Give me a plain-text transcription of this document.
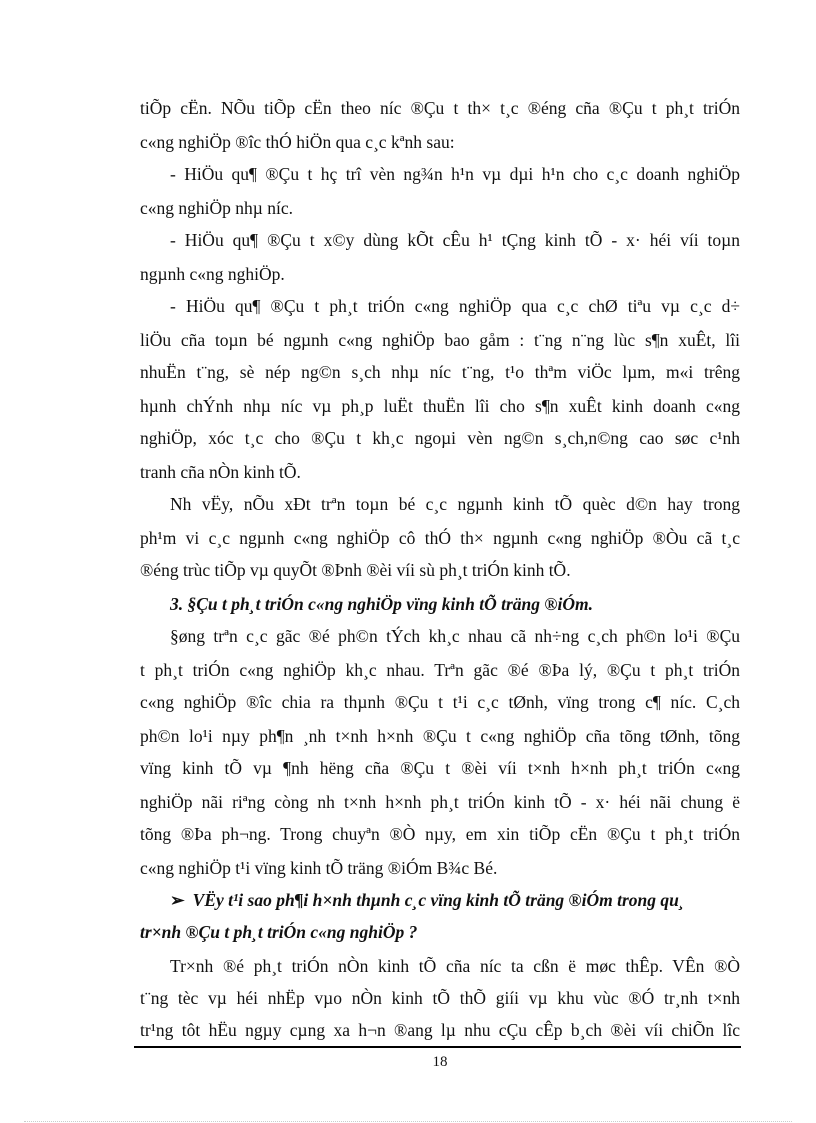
tiÕp cËn. NÕu tiÕp cËn theo níc ®Çu t th× t¸c ®éng cña ®Çu t ph¸t triÓn
c«ng nghiÖp ®îc thÓ hiÖn qua c¸c kªnh sau:
- HiÖu qu¶ ®Çu t hç trî vèn ng¾n h¹n vµ dµi h¹n cho c¸c doanh nghiÖp
c«ng nghiÖp nhµ níc.
- HiÖu qu¶ ®Çu t x©y dùng kÕt cÊu h¹ tÇng kinh tÕ - x· héi víi toµn
ngµnh c«ng nghiÖp.
- HiÖu qu¶ ®Çu t ph¸t triÓn c«ng nghiÖp qua c¸c chØ tiªu vµ c¸c d÷
liÖu cña toµn bé ngµnh c«ng nghiÖp bao gåm : t¨ng n¨ng lùc s¶n xuÊt, lîi
nhuËn t¨ng, sè nép ng©n s¸ch nhµ níc t¨ng, t¹o thªm viÖc lµm, m«i trêng
hµnh chÝnh nhµ níc vµ ph¸p luËt thuËn lîi cho s¶n xuÊt kinh doanh c«ng
nghiÖp, xóc t¸c cho ®Çu t kh¸c ngoµi vèn ng©n s¸ch,n©ng cao søc c¹nh
tranh cña nÒn kinh tÕ.
Nh vËy, nÕu xÐt trªn toµn bé c¸c ngµnh kinh tÕ quèc d©n hay trong
ph¹m vi c¸c ngµnh c«ng nghiÖp cô thÓ th× ngµnh c«ng nghiÖp ®Òu cã t¸c
®éng trùc tiÕp vµ quyÕt ®Þnh ®èi víi sù ph¸t triÓn kinh tÕ.
3. §Çu t ph¸t triÓn c«ng nghiÖp vïng kinh tÕ träng ®iÓm.
§øng trªn c¸c gãc ®é ph©n tÝch kh¸c nhau cã nh÷ng c¸ch ph©n lo¹i ®Çu
t ph¸t triÓn c«ng nghiÖp kh¸c nhau. Trªn gãc ®é ®Þa lý, ®Çu t ph¸t triÓn
c«ng nghiÖp ®îc chia ra thµnh ®Çu t t¹i c¸c tØnh, vïng trong c¶ níc. C¸ch
ph©n lo¹i nµy ph¶n ¸nh t×nh h×nh ®Çu t c«ng nghiÖp cña tõng tØnh, tõng
vïng kinh tÕ vµ ¶nh hëng cña ®Çu t ®èi víi t×nh h×nh ph¸t triÓn c«ng
nghiÖp nãi riªng còng nh t×nh h×nh ph¸t triÓn kinh tÕ - x· héi nãi chung ë
tõng ®Þa ph¬ng. Trong chuyªn ®Ò nµy, em xin tiÕp cËn ®Çu t ph¸t triÓn
c«ng nghiÖp t¹i vïng kinh tÕ träng ®iÓm B¾c Bé.
➢ VËy t¹i sao ph¶i h×nh thµnh c¸c vïng kinh tÕ träng ®iÓm trong qu¸
tr×nh ®Çu t ph¸t triÓn c«ng nghiÖp ?
Tr×nh ®é ph¸t triÓn nÒn kinh tÕ cña níc ta cßn ë møc thÊp. VÊn ®Ò
t¨ng tèc vµ héi nhËp vµo nÒn kinh tÕ thÕ giíi vµ khu vùc ®Ó tr¸nh t×nh
tr¹ng tôt hËu ngµy cµng xa h¬n ®ang lµ nhu cÇu cÊp b¸ch ®èi víi chiÕn lîc
18
